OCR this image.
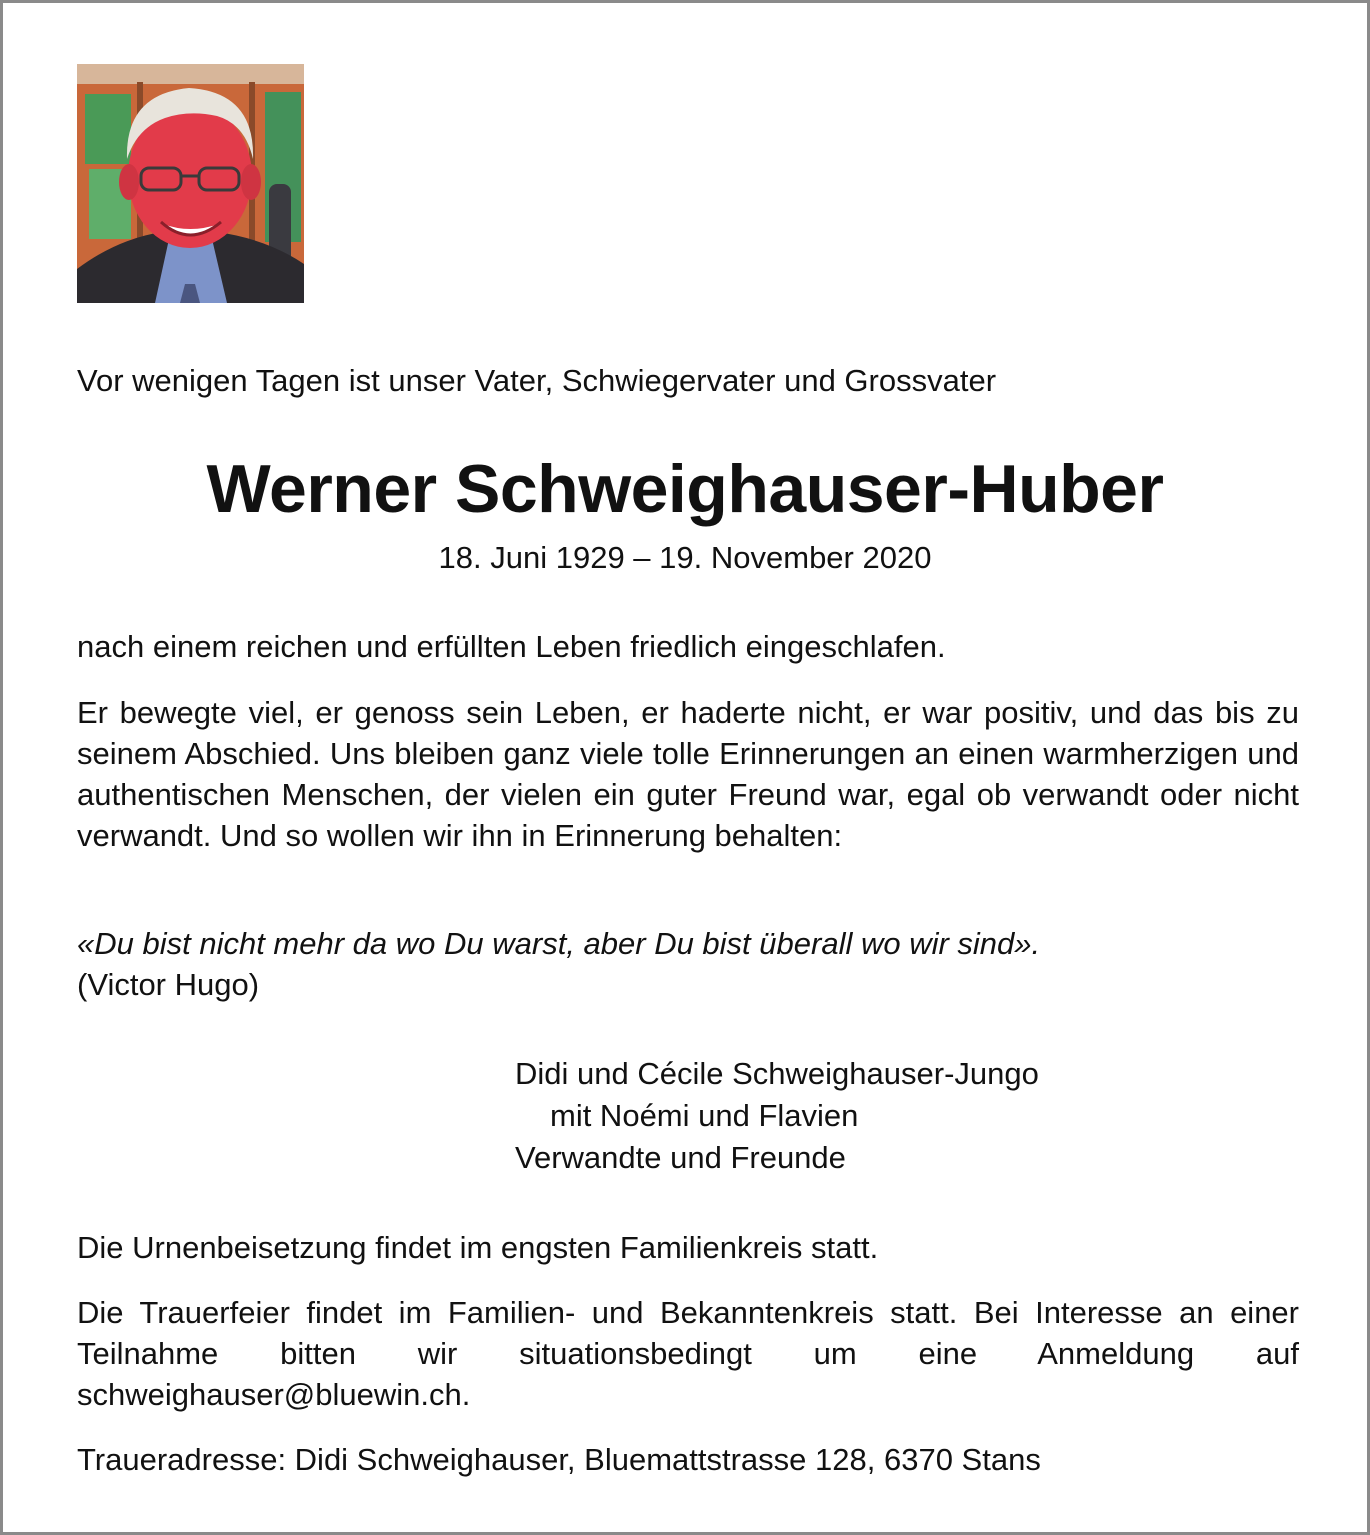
Vor wenigen Tagen ist unser Vater, Schwiegervater und Grossvater

Werner Schweighauser-Huber

18. Juni 1929 – 19. November 2020

nach einem reichen und erfüllten Leben friedlich eingeschlafen.

Er bewegte viel, er genoss sein Leben, er haderte nicht, er war positiv, und das bis zu seinem Abschied. Uns bleiben ganz viele tolle Erinnerungen an einen warmherzigen und authentischen Menschen, der vielen ein guter Freund war, egal ob verwandt oder nicht verwandt. Und so wollen wir ihn in Erinnerung behalten:

«Du bist nicht mehr da wo Du warst, aber Du bist überall wo wir sind».

(Victor Hugo)

Didi und Cécile Schweighauser-Jungo

mit Noémi und Flavien

Verwandte und Freunde

Die Urnenbeisetzung findet im engsten Familienkreis statt.

Die Trauerfeier findet im Familien- und Bekanntenkreis statt. Bei Interesse an einer Teilnahme bitten wir situationsbedingt um eine Anmeldung auf schweighauser@bluewin.ch.

Traueradresse: Didi Schweighauser, Bluemattstrasse 128, 6370 Stans
